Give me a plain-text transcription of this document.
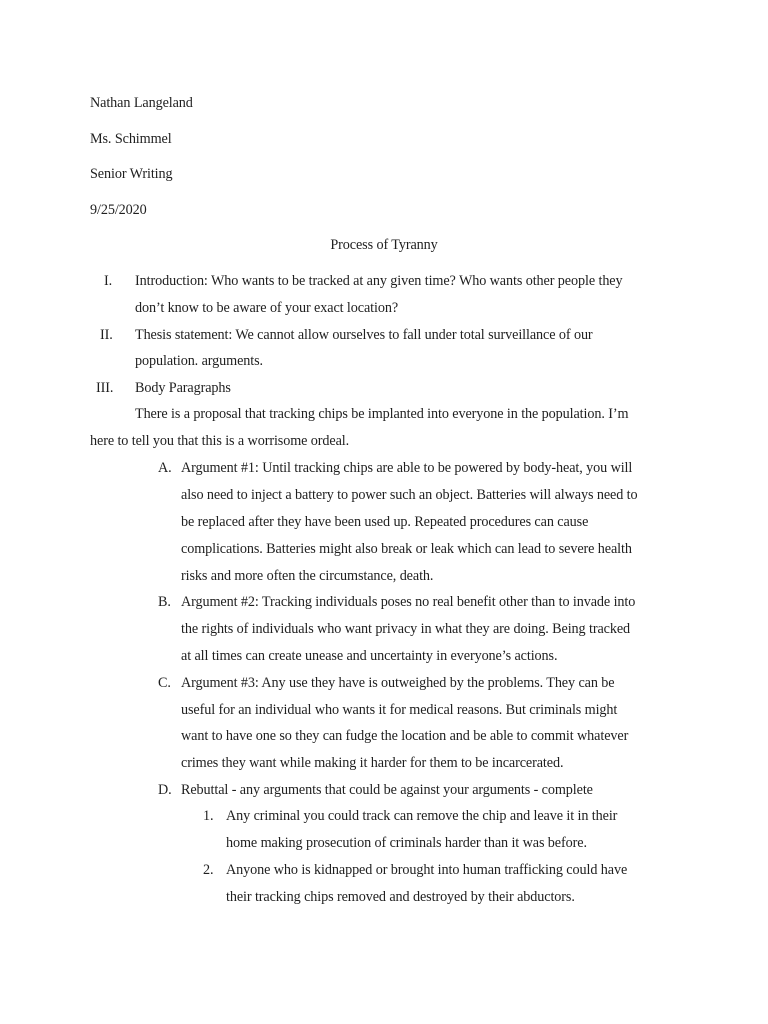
Nathan Langeland
Ms. Schimmel
Senior Writing
9/25/2020
Process of Tyranny
I. Introduction: Who wants to be tracked at any given time? Who wants other people they
don’t know to be aware of your exact location?
II. Thesis statement: We cannot allow ourselves to fall under total surveillance of our
population. arguments.
III. Body Paragraphs
There is a proposal that tracking chips be implanted into everyone in the population. I’m
here to tell you that this is a worrisome ordeal.
A. Argument #1: Until tracking chips are able to be powered by body-heat, you will
also need to inject a battery to power such an object. Batteries will always need to
be replaced after they have been used up. Repeated procedures can cause
complications. Batteries might also break or leak which can lead to severe health
risks and more often the circumstance, death.
B. Argument #2: Tracking individuals poses no real benefit other than to invade into
the rights of individuals who want privacy in what they are doing. Being tracked
at all times can create unease and uncertainty in everyone’s actions.
C. Argument #3: Any use they have is outweighed by the problems. They can be
useful for an individual who wants it for medical reasons. But criminals might
want to have one so they can fudge the location and be able to commit whatever
crimes they want while making it harder for them to be incarcerated.
D. Rebuttal - any arguments that could be against your arguments - complete
1. Any criminal you could track can remove the chip and leave it in their
home making prosecution of criminals harder than it was before.
2. Anyone who is kidnapped or brought into human trafficking could have
their tracking chips removed and destroyed by their abductors.
